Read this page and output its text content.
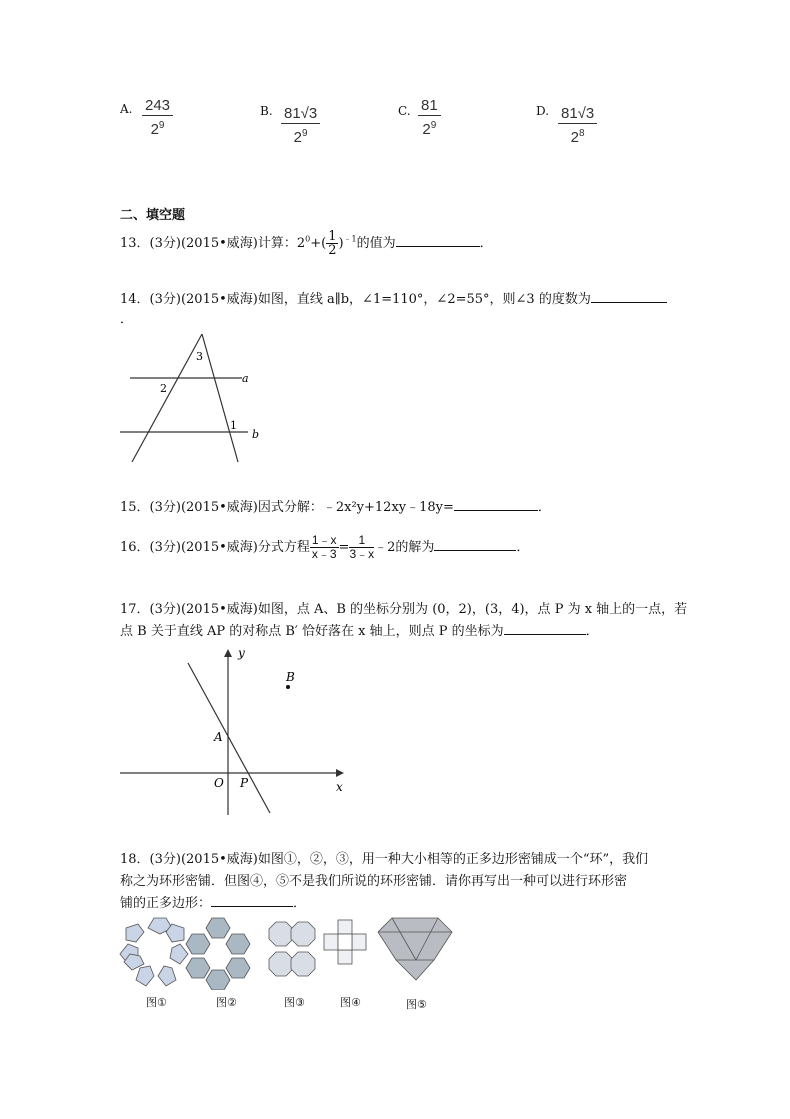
A. $\frac{243}{2^9}$	B. $\frac{81√3}{2^9}$	C. $\frac{81}{2^9}$	D. $\frac{81√3}{2^8}$
二、填空题
13．(3分)(2015•威海)计算：$2^0+( \frac{1}{2} )^{﹣1}$的值为	．
14．(3分)(2015•威海)如图，直线 a∥b，∠1=110°，∠2=55°，则∠3 的度数为
．
a
b
1
2
3
15．(3分)(2015•威海)因式分解：﹣2x²y+12xy﹣18y=	．
16．(3分)(2015•威海)分式方程 $\frac{1﹣x}{x﹣3} = \frac{1}{3﹣x}$ ﹣2的解为	．
17．(3分)(2015•威海)如图，点 A、B 的坐标分别为 (0，2)，(3，4)，点 P 为 x 轴上的一点，若
点 B 关于直线 AP 的对称点 B′ 恰好落在 x 轴上，则点 P 的坐标为	．
y
x
O
A
B
P
18．(3分)(2015•威海)如图①，②，③，用一种大小相等的正多边形密铺成一个“环”，我们
称之为环形密铺．但图④，⑤不是我们所说的环形密铺．请你再写出一种可以进行环形密
铺的正多边形：	．
图①	图②	图③	图④	图⑤
